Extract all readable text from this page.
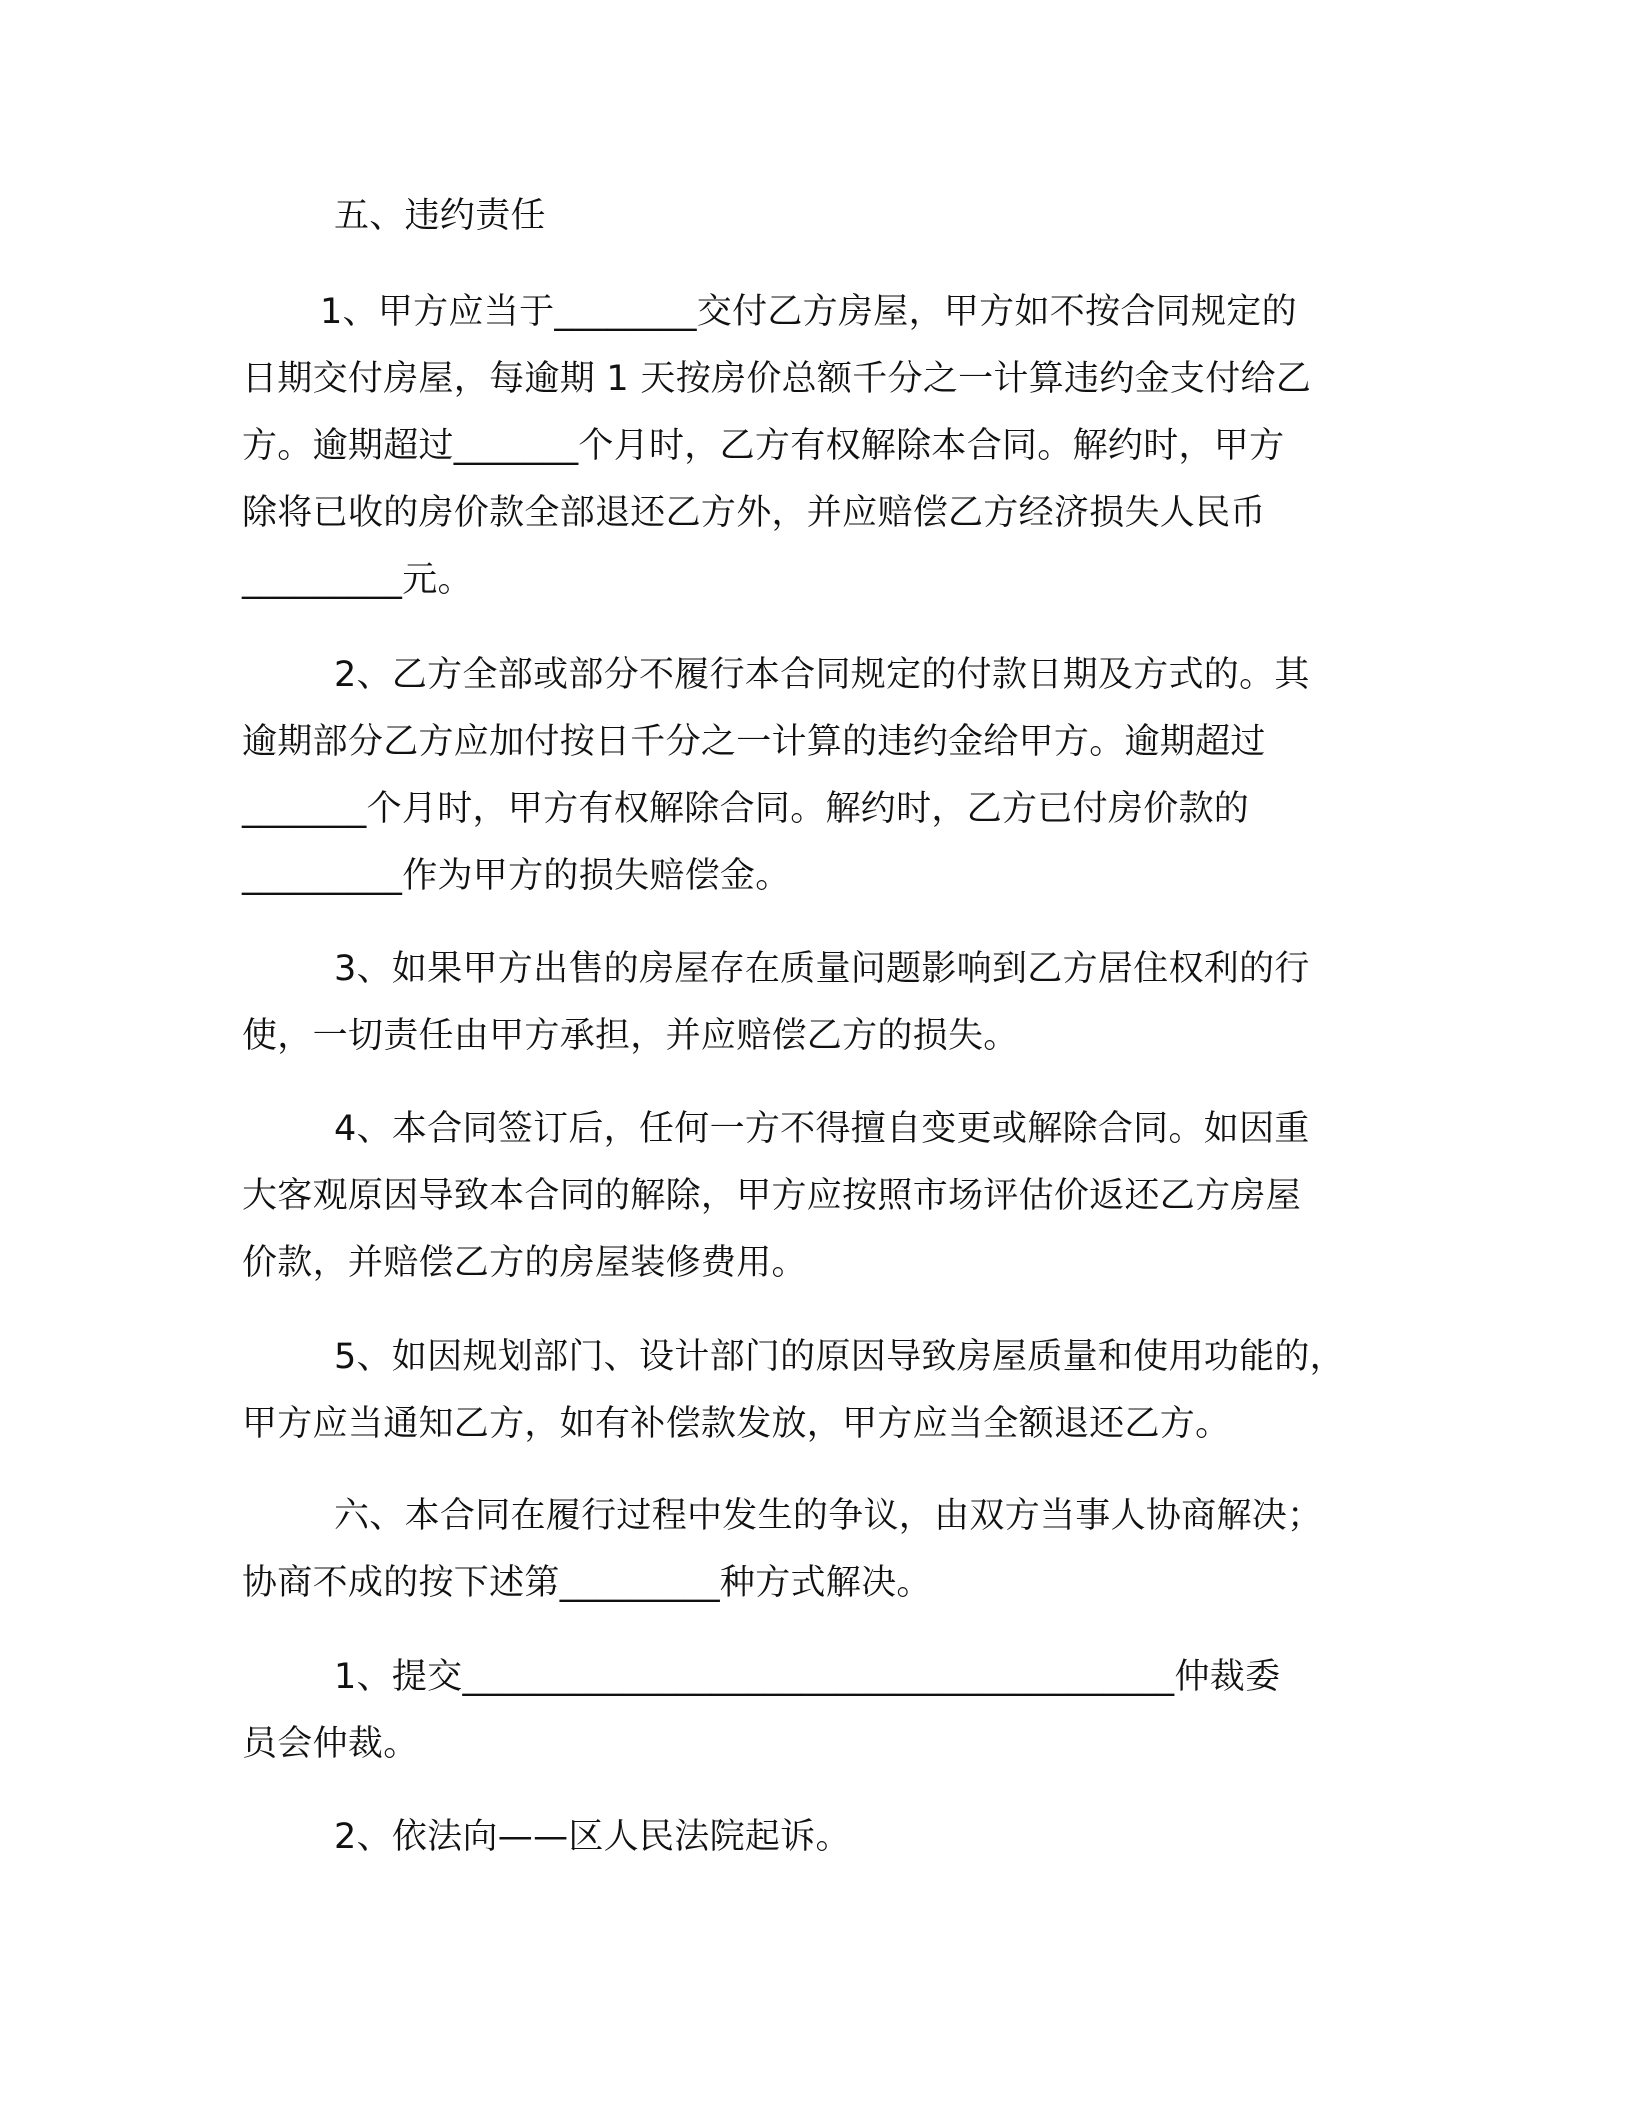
五、违约责任
1、甲方应当于________交付乙方房屋，甲方如不按合同规定的
日期交付房屋，每逾期 1 天按房价总额千分之一计算违约金支付给乙
方。逾期超过_______个月时，乙方有权解除本合同。解约时，甲方
除将已收的房价款全部退还乙方外，并应赔偿乙方经济损失人民币
_________元。
2、乙方全部或部分不履行本合同规定的付款日期及方式的。其
逾期部分乙方应加付按日千分之一计算的违约金给甲方。逾期超过
_______个月时，甲方有权解除合同。解约时，乙方已付房价款的
_________作为甲方的损失赔偿金。
3、如果甲方出售的房屋存在质量问题影响到乙方居住权利的行
使，一切责任由甲方承担，并应赔偿乙方的损失。
4、本合同签订后，任何一方不得擅自变更或解除合同。如因重
大客观原因导致本合同的解除，甲方应按照市场评估价返还乙方房屋
价款，并赔偿乙方的房屋装修费用。
5、如因规划部门、设计部门的原因导致房屋质量和使用功能的，
甲方应当通知乙方，如有补偿款发放，甲方应当全额退还乙方。
六、本合同在履行过程中发生的争议，由双方当事人协商解决；
协商不成的按下述第_________种方式解决。
1、提交________________________________________仲裁委
员会仲裁。
2、依法向——区人民法院起诉。
